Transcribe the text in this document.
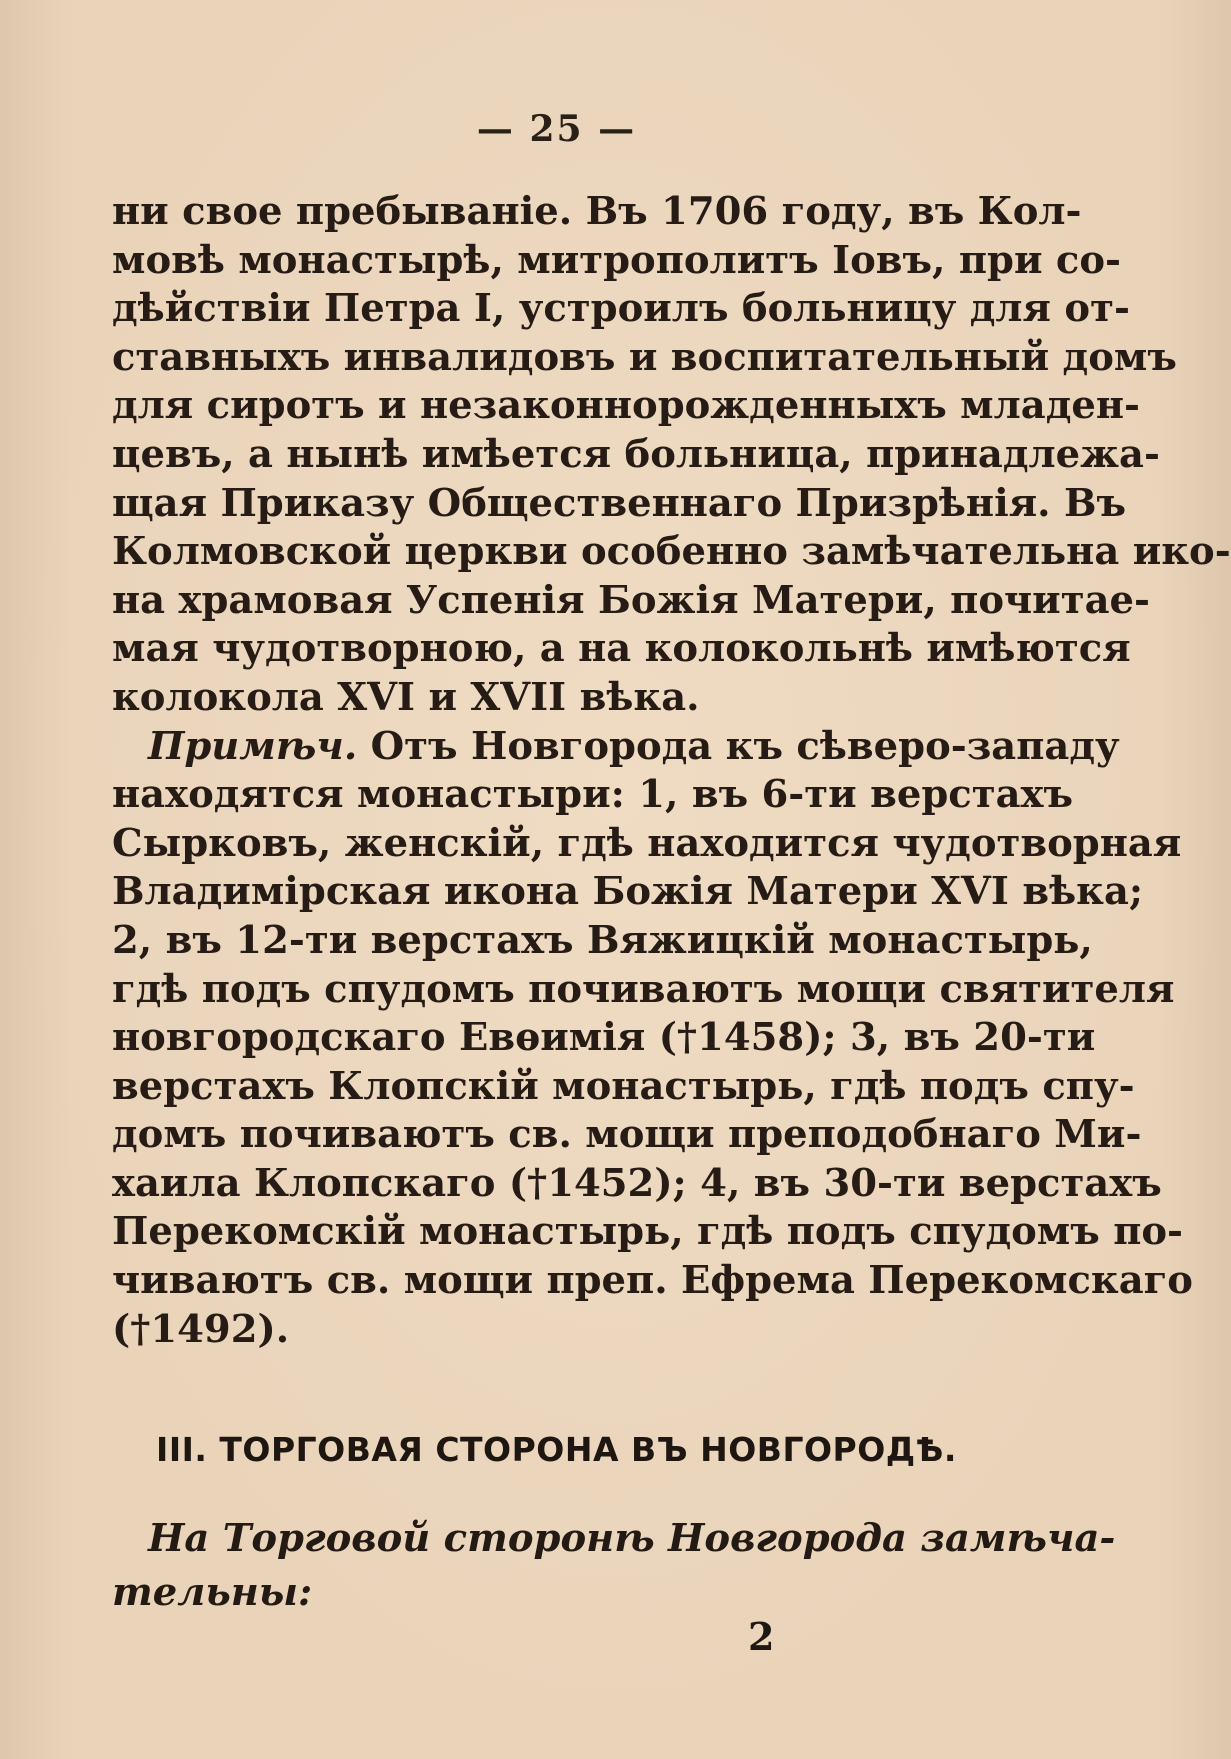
— 25 —
ни свое пребываніе. Въ 1706 году, въ Кол-
мовѣ монастырѣ, митрополитъ Іовъ, при со-
дѣйствіи Петра I, устроилъ больницу для от-
ставныхъ инвалидовъ и воспитательный домъ
для сиротъ и незаконнорожденныхъ младен-
цевъ, а нынѣ имѣется больница, принадлежа-
щая Приказу Общественнаго Призрѣнія. Въ
Колмовской церкви особенно замѣчательна ико-
на храмовая Успенія Божія Матери, почитае-
мая чудотворною, а на колокольнѣ имѣются
колокола XVI и XVII вѣка.
Примѣч. Отъ Новгорода къ сѣверо-западу
находятся монастыри: 1, въ 6-ти верстахъ
Сырковъ, женскій, гдѣ находится чудотворная
Владимірская икона Божія Матери XVI вѣка;
2, въ 12-ти верстахъ Вяжицкій монастырь,
гдѣ подъ спудомъ почиваютъ мощи святителя
новгородскаго Евѳимія (†1458); 3, въ 20-ти
верстахъ Клопскій монастырь, гдѣ подъ спу-
домъ почиваютъ св. мощи преподобнаго Ми-
хаила Клопскаго (†1452); 4, въ 30-ти верстахъ
Перекомскій монастырь, гдѣ подъ спудомъ по-
чиваютъ св. мощи преп. Ефрема Перекомскаго
(†1492).
III. ТОРГОВАЯ СТОРОНА ВЪ НОВГОРОДѢ.
На Торговой сторонѣ Новгорода замѣча-
тельны:
2
